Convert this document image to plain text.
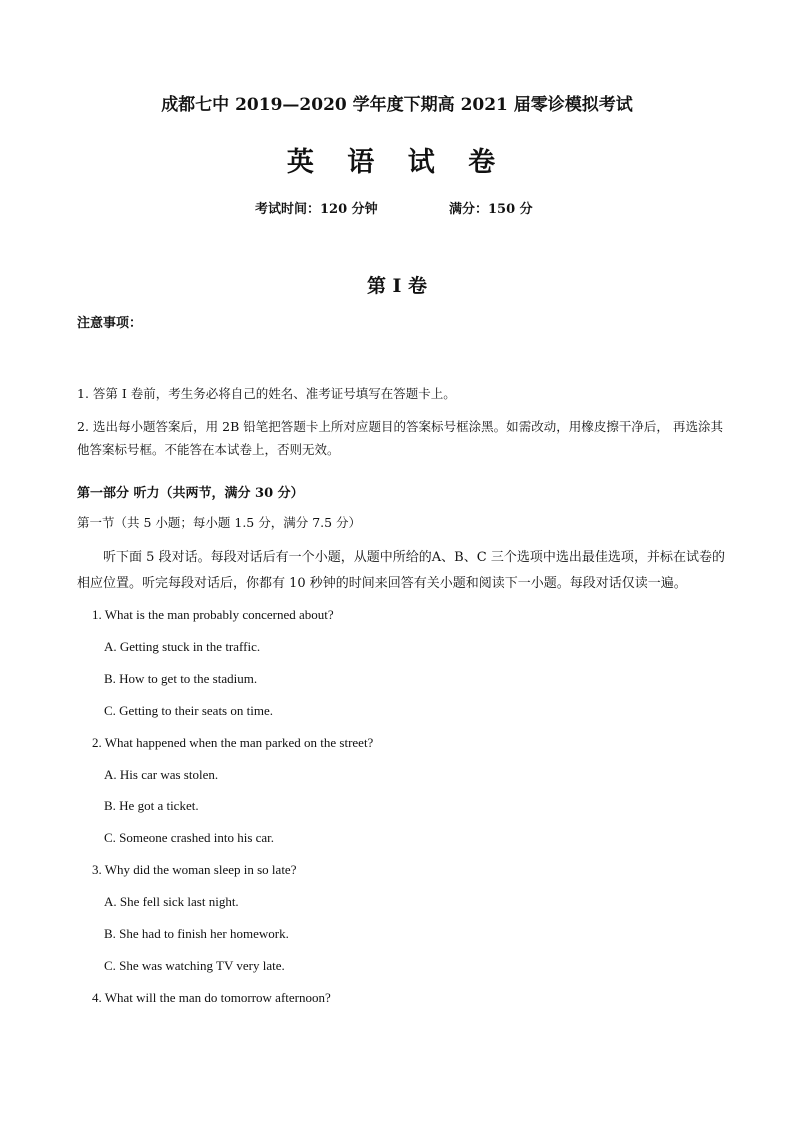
成都七中 2019—2020 学年度下期高 2021 届零诊模拟考试
英 语 试 卷
考试时间：120 分钟	满分：150 分
第 I 卷
注意事项：
1. 答第 I 卷前，考生务必将自己的姓名、准考证号填写在答题卡上。
2. 选出每小题答案后，用 2B 铅笔把答题卡上所对应题目的答案标号框涂黑。如需改动，用橡皮擦干净后， 再选涂其他答案标号框。不能答在本试卷上，否则无效。
第一部分 听力（共两节，满分 30 分）
第一节（共 5 小题；每小题 1.5 分，满分 7.5 分）
听下面 5 段对话。每段对话后有一个小题，从题中所给的A、B、C 三个选项中选出最佳选项，并标在试卷的相应位置。听完每段对话后，你都有 10 秒钟的时间来回答有关小题和阅读下一小题。每段对话仅读一遍。
1. What is the man probably concerned about?
A. Getting stuck in the traffic.
B. How to get to the stadium.
C. Getting to their seats on time.
2. What happened when the man parked on the street?
A. His car was stolen.
B. He got a ticket.
C. Someone crashed into his car.
3. Why did the woman sleep in so late?
A. She fell sick last night.
B. She had to finish her homework.
C. She was watching TV very late.
4. What will the man do tomorrow afternoon?
